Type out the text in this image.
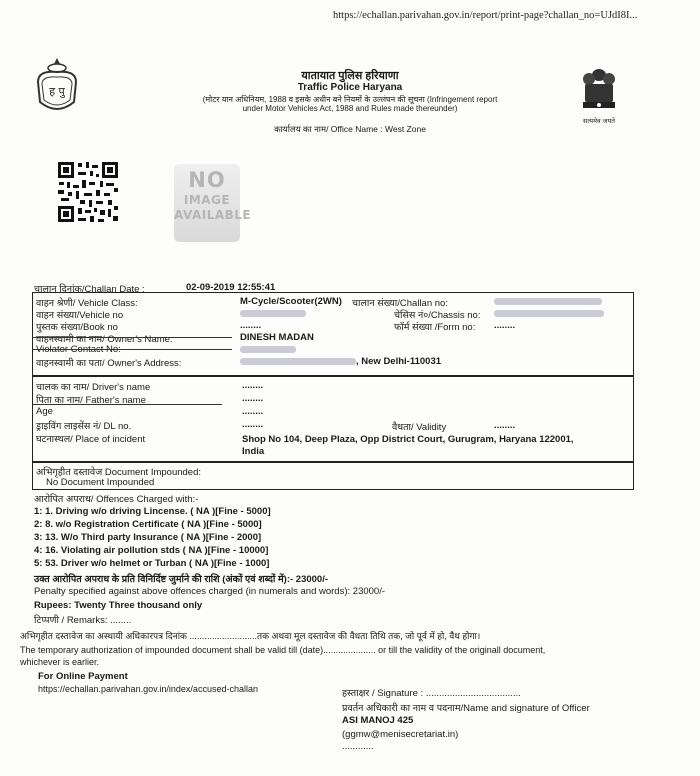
https://echallan.parivahan.gov.in/report/print-page?challan_no=UJdI8I...
ह पु
सत्यमेव जयते
यातायात पुलिस हरियाणा
Traffic Police Haryana
(मोटर यान अधिनियम, 1988 व इसके अधीन बने नियमों के उल्लंघन की सूचना (Infringement report
under Motor Vehicles Act, 1988 and Rules made thereunder)
कार्यालय का नाम/ Office Name : West Zone
NO
IMAGE
AVAILABLE
चालान दिनांक/Challan Date :	02-09-2019 12:55:41
वाहन श्रेणी/ Vehicle Class:	M-Cycle/Scooter(2WN) चालान संख्या/Challan no:
वाहन संख्या/Vehicle no	चेसिस नं०/Chassis no:
पुस्तक संख्या/Book no	........	फॉर्म संख्या /Form no: ........
वाहनस्वामी का नाम/ Owner's Name:	DINESH MADAN
Violator Contact No:
वाहनस्वामी का पता/ Owner's Address:	, New Delhi-110031
चालक का नाम/ Driver's name	........
पिता का नाम/ Father's name	........
Age	........
ड्राइविंग लाइसेंस नं/ DL no.	........	वैधता/ Validity	........
घटनास्थल/ Place of incident	Shop No 104, Deep Plaza, Opp District Court, Gurugram, Haryana 122001,
India
अभिगृहीत दस्तावेज Document Impounded:
No Document Impounded
आरोपित अपराध/ Offences Charged with:-
1: 1. Driving w/o driving Lincense. ( NA )[Fine - 5000]
2: 8. w/o Registration Certificate ( NA )[Fine - 5000]
3: 13. W/o Third party Insurance ( NA )[Fine - 2000]
4: 16. Violating air pollution stds ( NA )[Fine - 10000]
5: 53. Driver w/o helmet or Turban ( NA )[Fine - 1000]
उक्त आरोपित अपराध के प्रति विनिर्दिष्ट जुर्माने की राशि (अंकों एवं शब्दों में):- 23000/-
Penalty specified against above offences charged (in numerals and words): 23000/-
Rupees: Twenty Three thousand only
टिप्पणी / Remarks: ........
अभिगृहीत दस्तावेज का अस्थायी अधिकारपत्र दिनांक ...........................तक अथवा मूल दस्तावेज की वैधता तिथि तक, जो पूर्व में हो, वैध होगा।
The temporary authorization of impounded document shall be valid till (date)..................... or till the validity of the originall document,
whichever is earlier.
For Online Payment
https://echallan.parivahan.gov.in/index/accused-challan	हस्ताक्षर / Signature : ....................................
प्रवर्तन अधिकारी का नाम व पदनाम/Name and signature of Officer
ASI MANOJ 425
(ggmw@menisecretariat.in)
............
